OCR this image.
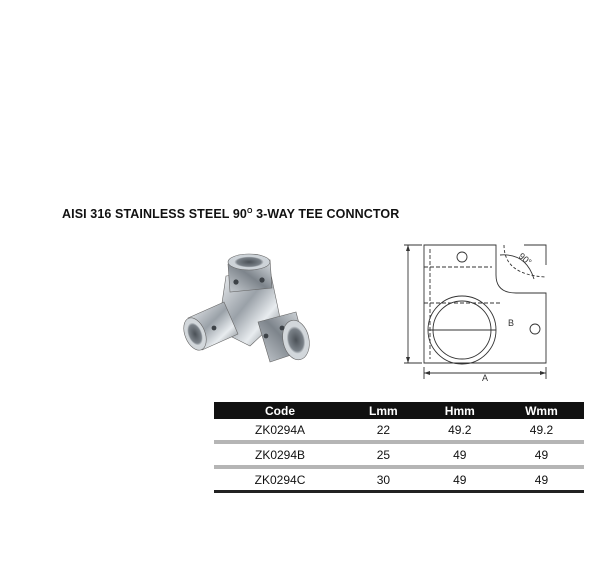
AISI 316 STAINLESS STEEL $90^O$ 3-WAY TEE CONNCTOR
90°
B
A
Code	Lmm	Hmm	Wmm
ZK0294A	22	49.2	49.2

ZK0294B	25	49	49

ZK0294C	30	49	49
